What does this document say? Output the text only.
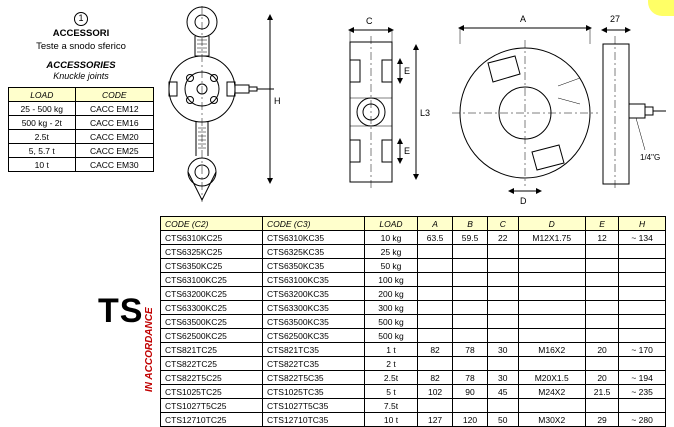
1
ACCESSORI
Teste a snodo sferico
ACCESSORIES
Knuckle joints
LOAD	CODE
25 - 500 kg	CACC EM12
500 kg - 2t	CACC EM16
2.5t	CACC EM20
5, 5.7 t	CACC EM25
10 t	CACC EM30
H
C
E
E
L3
A	27
D
1/4"G
TS IN ACCORDANCE
CODE (C2)	CODE (C3)	LOAD	A	B	C	D	E	H
CTS6310KC25	CTS6310KC35	10 kg	63.5	59.5	22	M12X1.75	12	~ 134
CTS6325KC25	CTS6325KC35	25 kg						
CTS6350KC25	CTS6350KC35	50 kg						
CTS63100KC25	CTS63100KC35	100 kg						
CTS63200KC25	CTS63200KC35	200 kg						
CTS63300KC25	CTS63300KC35	300 kg						
CTS63500KC25	CTS63500KC35	500 kg						
CTS62500KC25	CTS62500KC35	500 kg						
CTS821TC25	CTS821TC35	1 t	82	78	30	M16X2	20	~ 170
CTS822TC25	CTS822TC35	2 t						
CTS822T5C25	CTS822T5C35	2.5t	82	78	30	M20X1.5	20	~ 194
CTS1025TC25	CTS1025TC35	5 t	102	90	45	M24X2	21.5	~ 235
CTS1027T5C25	CTS1027T5C35	7.5t						
CTS12710TC25	CTS12710TC35	10 t	127	120	50	M30X2	29	~ 280
